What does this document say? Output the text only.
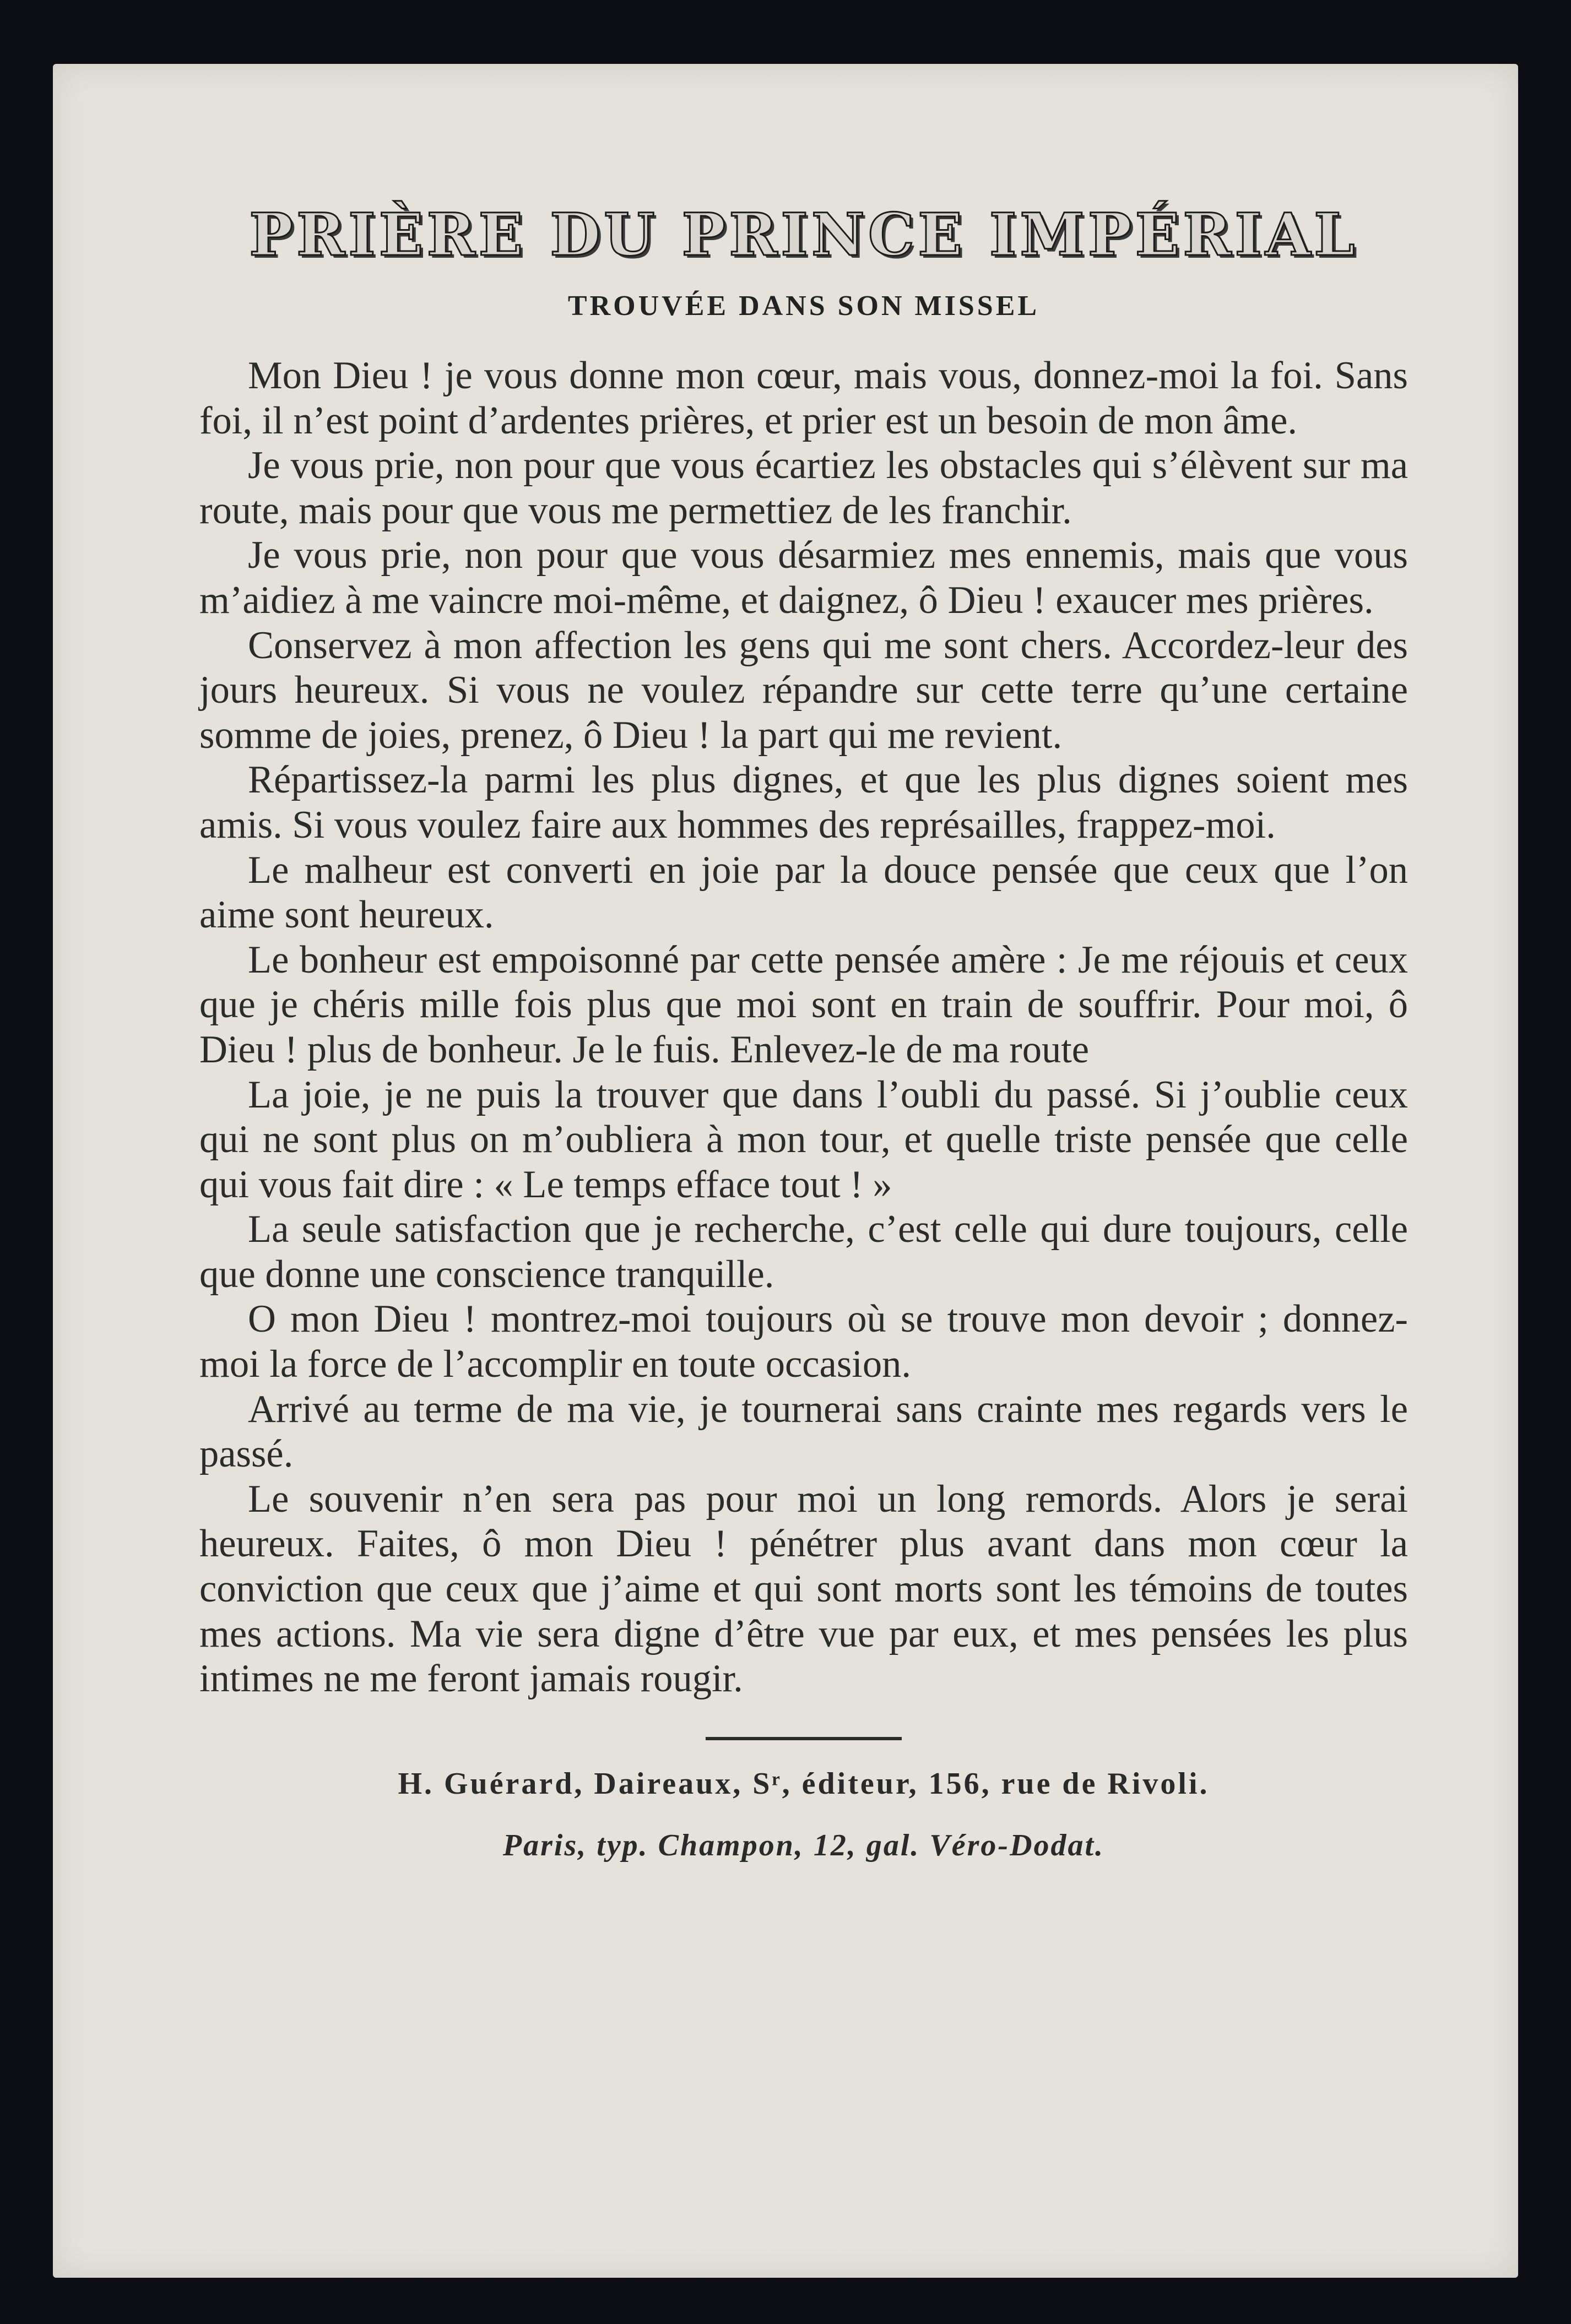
PRIÈRE DU PRINCE IMPÉRIAL
TROUVÉE DANS SON MISSEL

Mon Dieu ! je vous donne mon cœur, mais vous, donnez-moi la foi. Sans foi, il n’est point d’ardentes prières, et prier est un besoin de mon âme.

Je vous prie, non pour que vous écartiez les obstacles qui s’élèvent sur ma route, mais pour que vous me permettiez de les franchir.

Je vous prie, non pour que vous désarmiez mes ennemis, mais que vous m’aidiez à me vaincre moi-même, et daignez, ô Dieu ! exaucer mes prières.

Conservez à mon affection les gens qui me sont chers. Accordez-leur des jours heureux. Si vous ne voulez répandre sur cette terre qu’une certaine somme de joies, prenez, ô Dieu ! la part qui me revient.

Répartissez-la parmi les plus dignes, et que les plus dignes soient mes amis. Si vous voulez faire aux hommes des représailles, frappez-moi.

Le malheur est converti en joie par la douce pensée que ceux que l’on aime sont heureux.

Le bonheur est empoisonné par cette pensée amère : Je me réjouis et ceux que je chéris mille fois plus que moi sont en train de souffrir. Pour moi, ô Dieu ! plus de bonheur. Je le fuis. Enlevez-le de ma route

La joie, je ne puis la trouver que dans l’oubli du passé. Si j’oublie ceux qui ne sont plus on m’oubliera à mon tour, et quelle triste pensée que celle qui vous fait dire : « Le temps efface tout ! »

La seule satisfaction que je recherche, c’est celle qui dure toujours, celle que donne une conscience tranquille.

O mon Dieu ! montrez-moi toujours où se trouve mon devoir ; donnez-moi la force de l’accomplir en toute occasion.

Arrivé au terme de ma vie, je tournerai sans crainte mes regards vers le passé.

Le souvenir n’en sera pas pour moi un long remords. Alors je serai heureux. Faites, ô mon Dieu ! pénétrer plus avant dans mon cœur la conviction que ceux que j’aime et qui sont morts sont les témoins de toutes mes actions. Ma vie sera digne d’être vue par eux, et mes pensées les plus intimes ne me feront jamais rougir.

H. Guérard, Daireaux, Sʳ, éditeur, 156, rue de Rivoli.
Paris, typ. Champon, 12, gal. Véro-Dodat.
